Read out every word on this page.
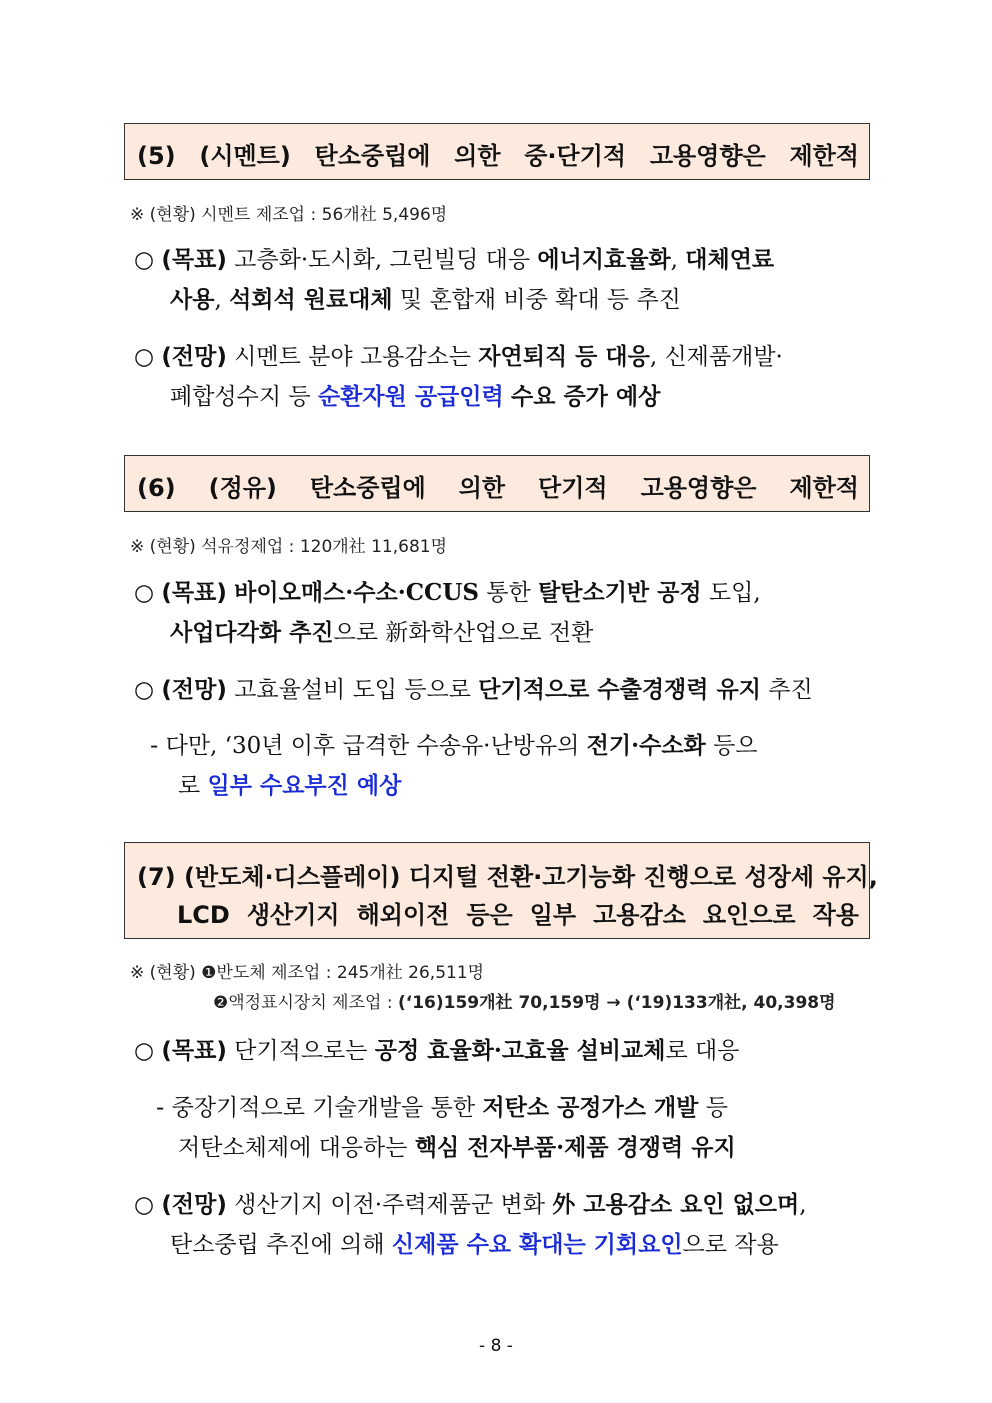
(5) (시멘트) 탄소중립에 의한 중·단기적 고용영향은 제한적
※ (현황) 시멘트 제조업 : 56개社 5,496명
○ (목표) 고층화·도시화, 그린빌딩 대응 에너지효율화, 대체연료
사용, 석회석 원료대체 및 혼합재 비중 확대 등 추진
○ (전망) 시멘트 분야 고용감소는 자연퇴직 등 대응, 신제품개발·
폐합성수지 등 순환자원 공급인력 수요 증가 예상
(6) (정유) 탄소중립에 의한 단기적 고용영향은 제한적
※ (현황) 석유정제업 : 120개社 11,681명
○ (목표) 바이오매스·수소·CCUS 통한 탈탄소기반 공정 도입,
사업다각화 추진으로 新화학산업으로 전환
○ (전망) 고효율설비 도입 등으로 단기적으로 수출경쟁력 유지 추진
- 다만, ‘30년 이후 급격한 수송유·난방유의 전기·수소화 등으
로 일부 수요부진 예상
(7) (반도체·디스플레이) 디지털 전환·고기능화 진행으로 성장세 유지,
LCD 생산기지 해외이전 등은 일부 고용감소 요인으로 작용
※ (현황) ❶반도체 제조업 : 245개社 26,511명
❷액정표시장치 제조업 : (‘16)159개社 70,159명 → (‘19)133개社, 40,398명
○ (목표) 단기적으로는 공정 효율화·고효율 설비교체로 대응
- 중장기적으로 기술개발을 통한 저탄소 공정가스 개발 등
저탄소체제에 대응하는 핵심 전자부품·제품 경쟁력 유지
○ (전망) 생산기지 이전·주력제품군 변화 外 고용감소 요인 없으며,
탄소중립 추진에 의해 신제품 수요 확대는 기회요인으로 작용
- 8 -
